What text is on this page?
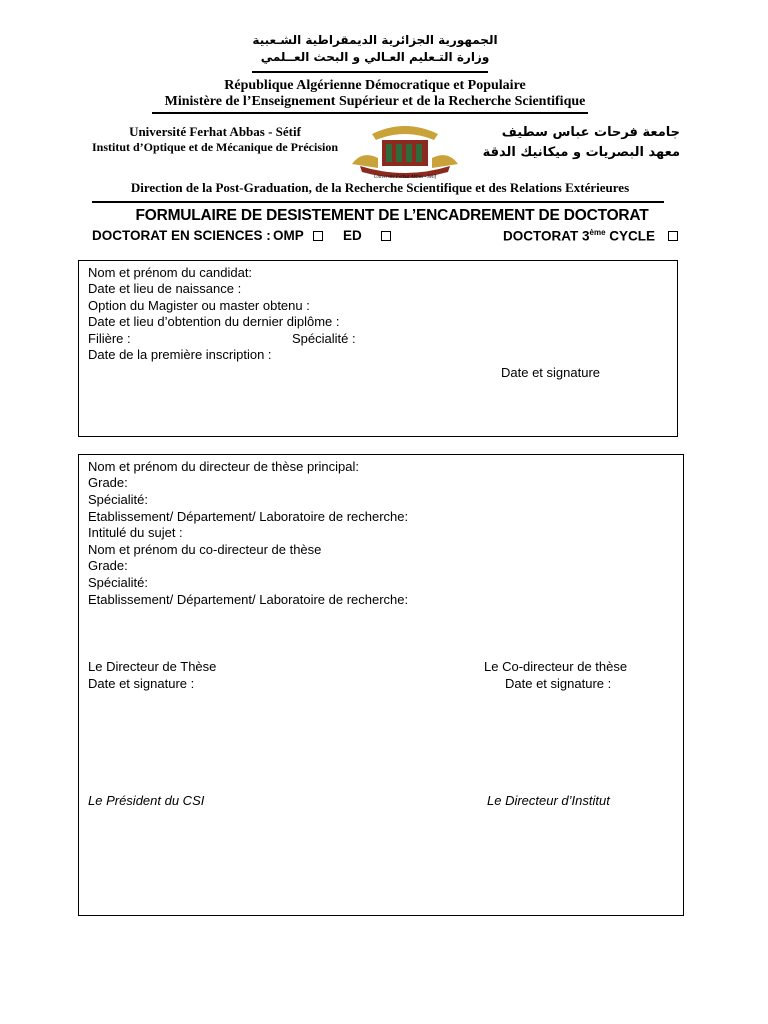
الجمهورية الجزائرية الديمقراطية الشـعبية
وزارة التـعليم العـالي و البحث العــلمي
République Algérienne Démocratique et Populaire
Ministère de l’Enseignement Supérieur et de la Recherche Scientifique
Université Ferhat Abbas - Sétif
Institut d’Optique et de Mécanique de Précision
Université Ferhat Abbas - Sétif
جامعة فرحات عباس سطيف
معهد البصريات و ميكانيك الدقة
Direction de la Post-Graduation, de la Recherche Scientifique et des Relations Extérieures
FORMULAIRE DE DESISTEMENT DE L’ENCADREMENT DE DOCTORAT
DOCTORAT EN SCIENCES : OMP	ED	DOCTORAT 3ème CYCLE
Nom et prénom du candidat:
Date et lieu de naissance :
Option du Magister ou master obtenu :
Date et lieu d’obtention du dernier diplôme :
Filière :	Spécialité :
Date de la première inscription :
Date et signature
Nom et prénom du directeur de thèse principal:
Grade:
Spécialité:
Etablissement/ Département/ Laboratoire de recherche:
Intitulé du sujet :
Nom et prénom du co-directeur de thèse
Grade:
Spécialité:
Etablissement/ Département/ Laboratoire de recherche:
Le Directeur de Thèse
Date et signature :
Le Co-directeur de thèse
Date et signature :
Le Président du CSI	Le Directeur d’Institut
